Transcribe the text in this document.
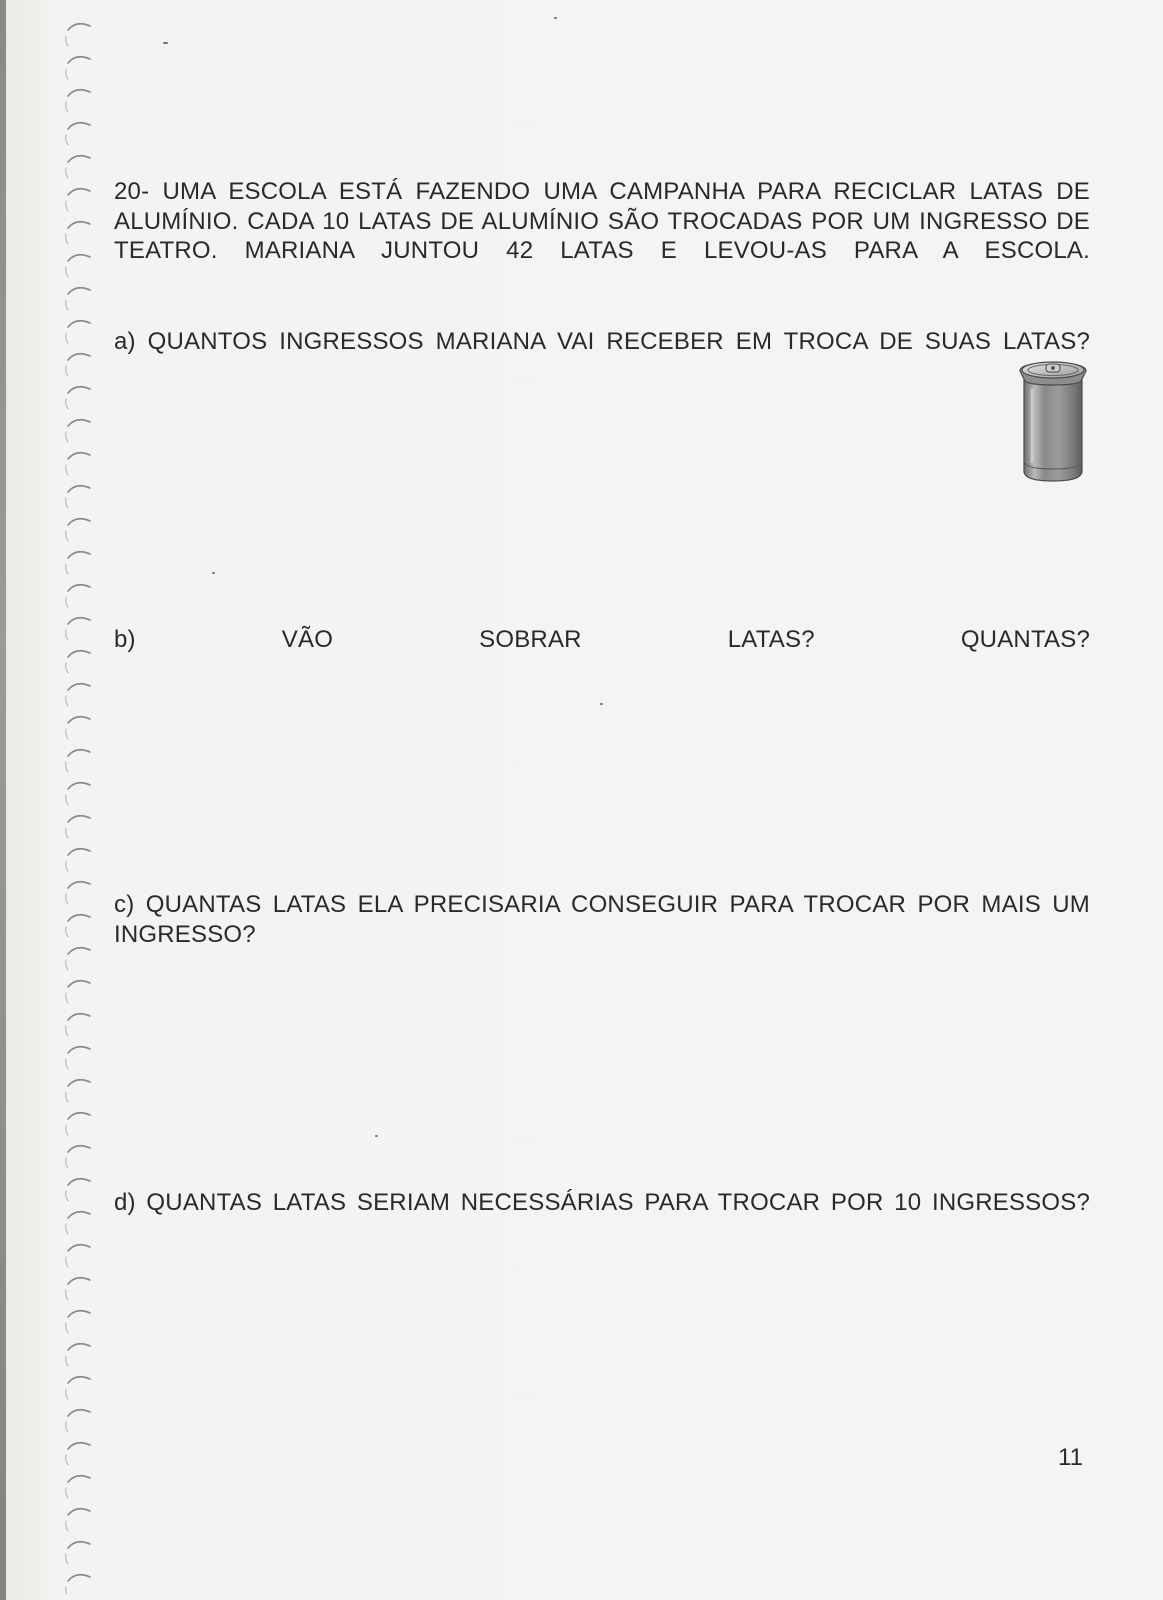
20- UMA ESCOLA ESTÁ FAZENDO UMA CAMPANHA PARA RECICLAR LATAS DE ALUMÍNIO. CADA 10 LATAS DE ALUMÍNIO SÃO TROCADAS POR UM INGRESSO DE TEATRO. MARIANA JUNTOU 42 LATAS E LEVOU-AS PARA A ESCOLA.

a) QUANTOS INGRESSOS MARIANA VAI RECEBER EM TROCA DE SUAS LATAS?

b) VÃO SOBRAR LATAS? QUANTAS?

c) QUANTAS LATAS ELA PRECISARIA CONSEGUIR PARA TROCAR POR MAIS UM INGRESSO?

d) QUANTAS LATAS SERIAM NECESSÁRIAS PARA TROCAR POR 10 INGRESSOS?

11
